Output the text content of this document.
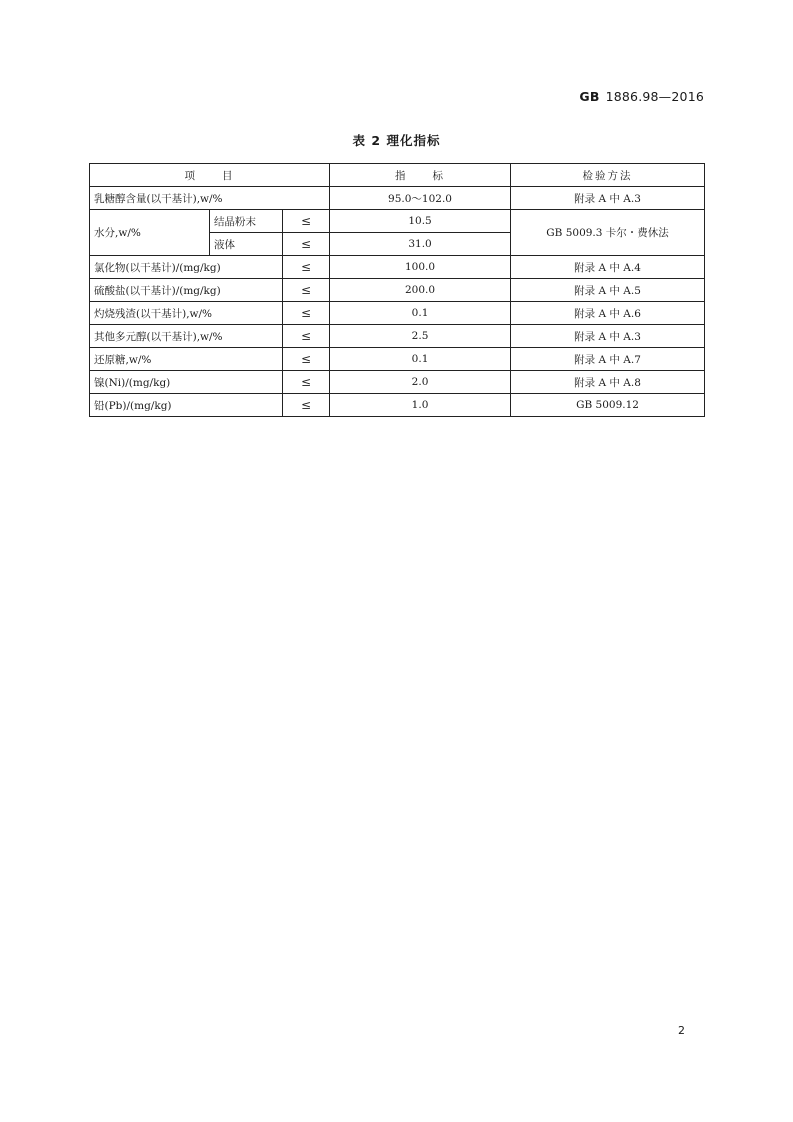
GB 1886.98—2016
表 2 理化指标
项　　目			指　　标	检验方法
乳糖醇含量(以干基计),w/%			95.0～102.0	附录 A 中 A.3
水分,w/%	结晶粉末	≤	10.5	GB 5009.3 卡尔・费休法
	液体	≤	31.0	
氯化物(以干基计)/(mg/kg)		≤	100.0	附录 A 中 A.4
硫酸盐(以干基计)/(mg/kg)		≤	200.0	附录 A 中 A.5
灼烧残渣(以干基计),w/%		≤	0.1	附录 A 中 A.6
其他多元醇(以干基计),w/%		≤	2.5	附录 A 中 A.3
还原糖,w/%		≤	0.1	附录 A 中 A.7
镍(Ni)/(mg/kg)		≤	2.0	附录 A 中 A.8
铅(Pb)/(mg/kg)		≤	1.0	GB 5009.12
2
